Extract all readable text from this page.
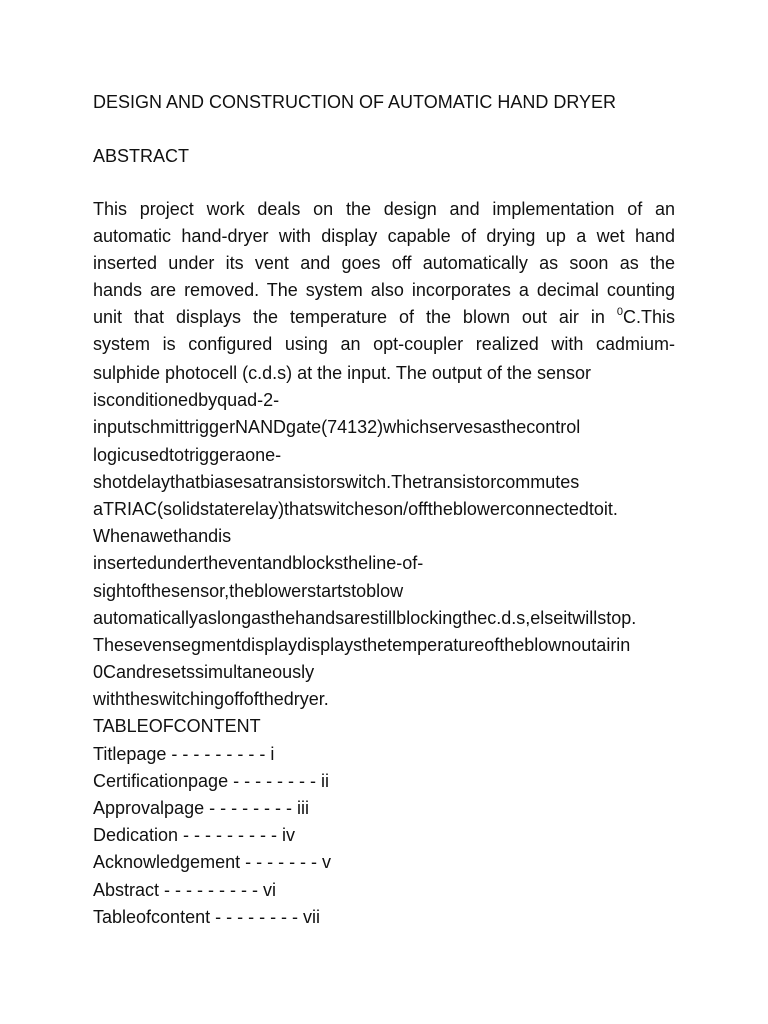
DESIGN AND CONSTRUCTION OF AUTOMATIC HAND DRYER
ABSTRACT
This project work deals on the design and implementation of an
automatic hand-dryer with display capable of drying up a wet hand
inserted under its vent and goes off automatically as soon as the
hands are removed. The system also incorporates a decimal counting
unit that displays the temperature of the blown out air in $^0$C.This
system is configured using an opt-coupler realized with cadmium-
sulphide photocell (c.d.s) at the input. The output of the sensor
isconditionedbyquad-2-
inputschmittriggerNANDgate(74132)whichservesasthecontrol
logicusedtotriggeraone-
shotdelaythatbiasesatransistorswitch.Thetransistorcommutes
aTRIAC(solidstaterelay)thatswitcheson/offtheblowerconnectedtoit.
Whenawethandis
insertedundertheventandblockstheline-of-
sightofthesensor,theblowerstartstoblow
automaticallyaslongasthehandsarestillblockingthec.d.s,elseitwillstop.
Thesevensegmentdisplaydisplaysthetemperatureoftheblownoutairin
0Candresetssimultaneously
withtheswitchingoffofthedryer.
TABLEOFCONTENT
Titlepage - - - - - - - - - i
Certificationpage - - - - - - - - ii
Approvalpage - - - - - - - - iii
Dedication - - - - - - - - - iv
Acknowledgement - - - - - - - v
Abstract - - - - - - - - - vi
Tableofcontent - - - - - - - - vii
